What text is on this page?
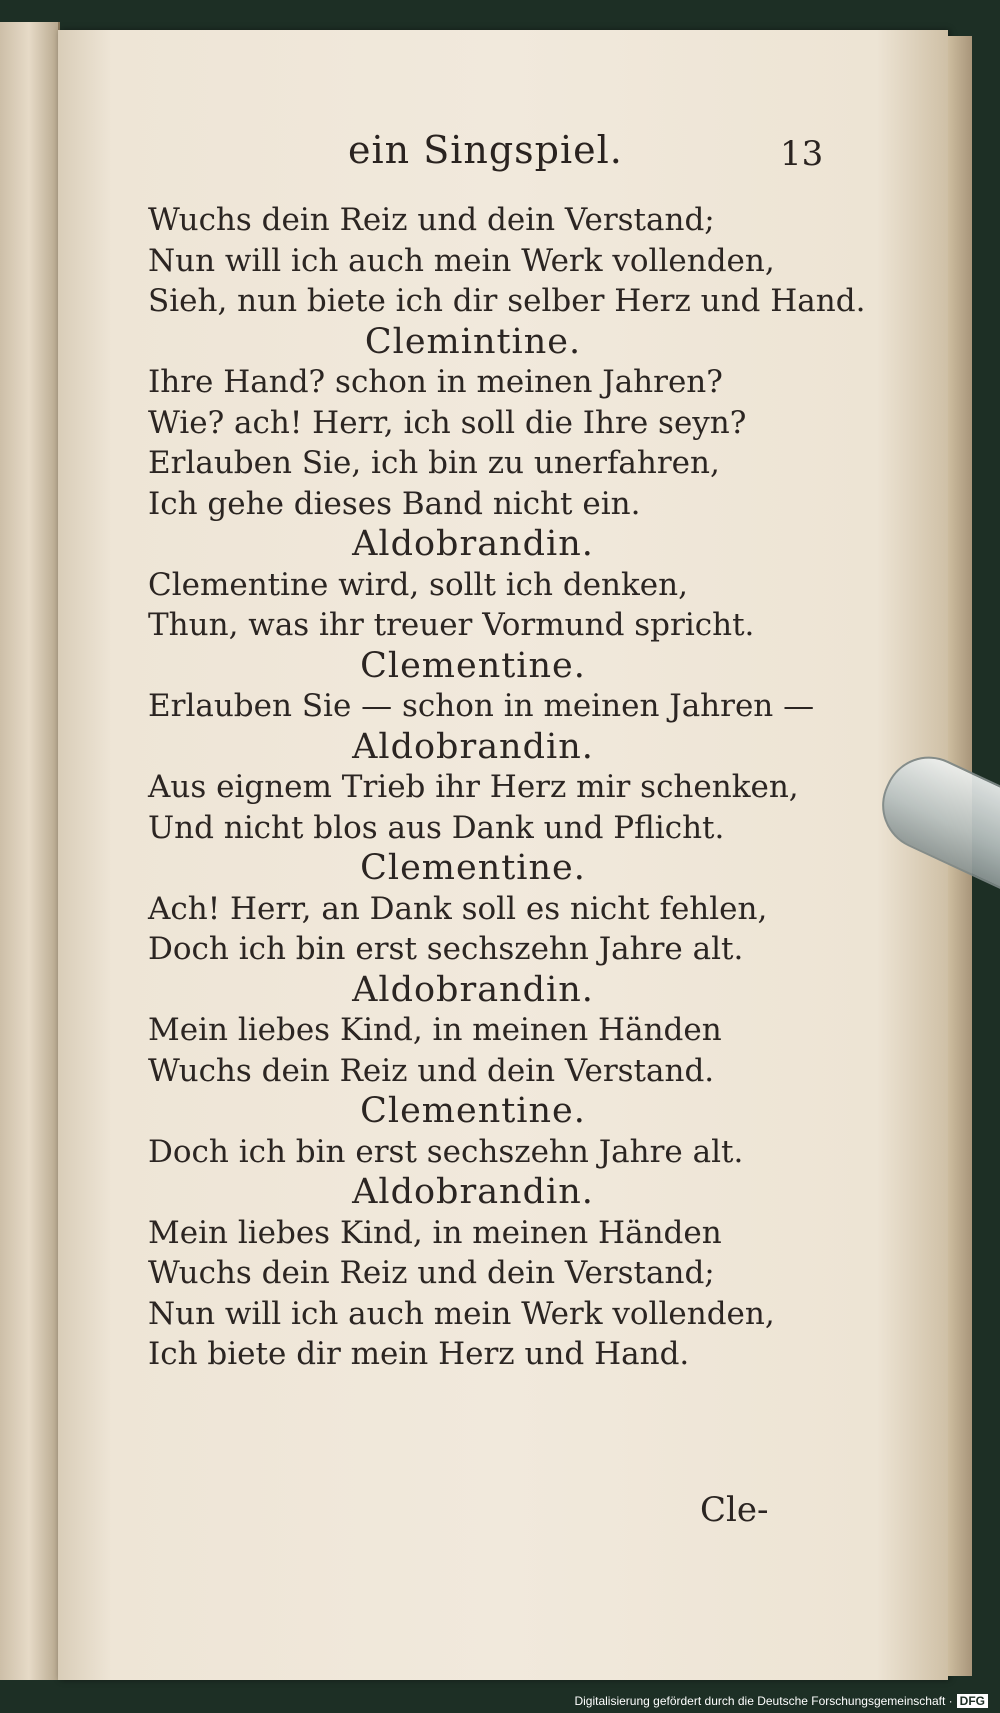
ein Singspiel.	13
Wuchs dein Reiz und dein Verstand;
Nun will ich auch mein Werk vollenden,
Sieh, nun biete ich dir selber Herz und Hand.
Clemintine.
Ihre Hand? schon in meinen Jahren?
Wie? ach! Herr, ich soll die Ihre seyn?
Erlauben Sie, ich bin zu unerfahren,
Ich gehe dieses Band nicht ein.
Aldobrandin.
Clementine wird, sollt ich denken,
Thun, was ihr treuer Vormund spricht.
Clementine.
Erlauben Sie — schon in meinen Jahren —
Aldobrandin.
Aus eignem Trieb ihr Herz mir schenken,
Und nicht blos aus Dank und Pflicht.
Clementine.
Ach! Herr, an Dank soll es nicht fehlen,
Doch ich bin erst sechszehn Jahre alt.
Aldobrandin.
Mein liebes Kind, in meinen Händen
Wuchs dein Reiz und dein Verstand.
Clementine.
Doch ich bin erst sechszehn Jahre alt.
Aldobrandin.
Mein liebes Kind, in meinen Händen
Wuchs dein Reiz und dein Verstand;
Nun will ich auch mein Werk vollenden,
Ich biete dir mein Herz und Hand.
Cle-
Digitalisierung gefördert durch die Deutsche Forschungsgemeinschaft · DFG
